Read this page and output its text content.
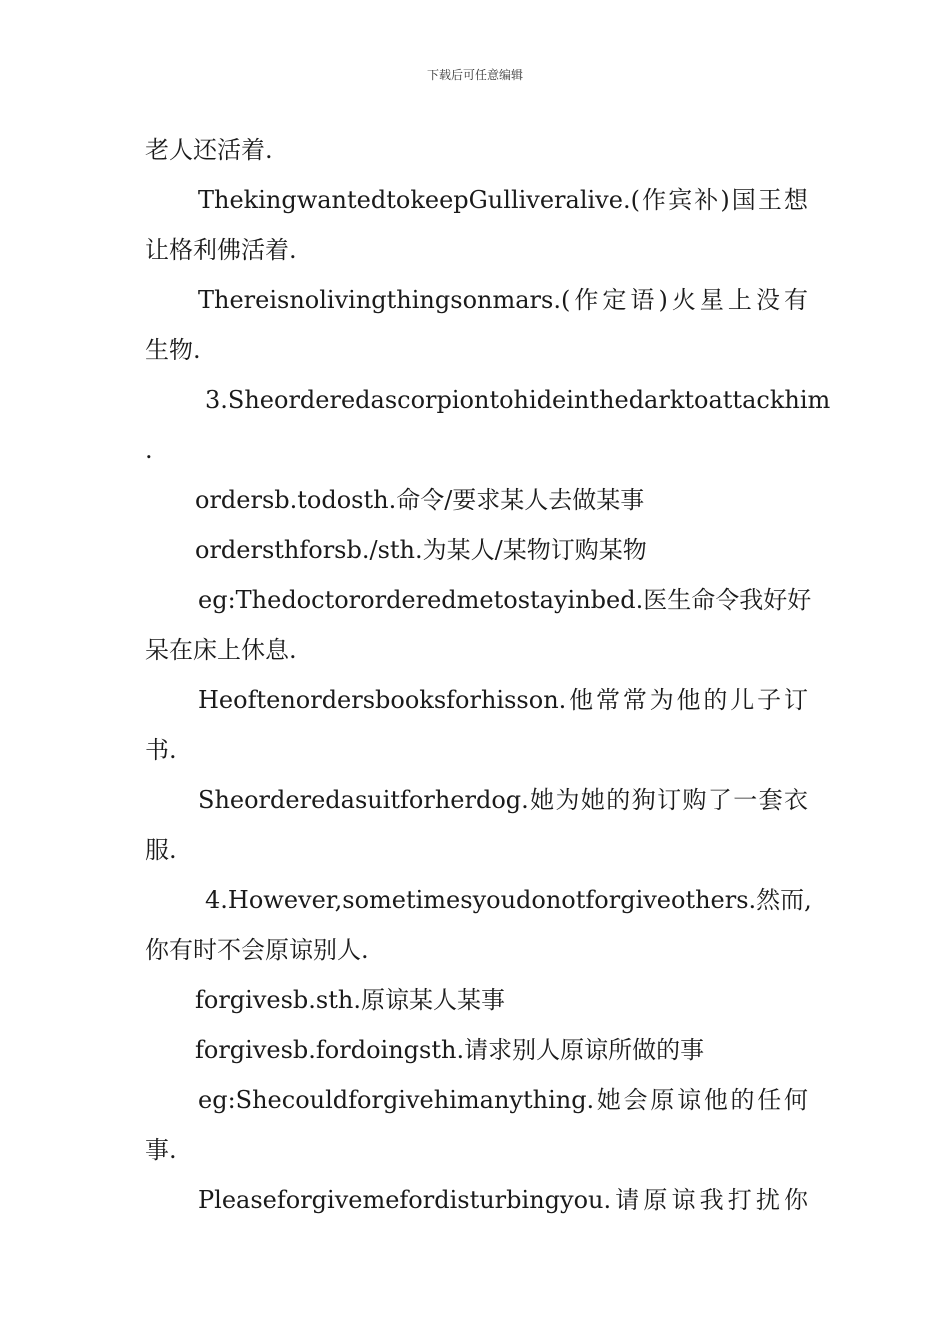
下载后可任意编辑
老人还活着.
ThekingwantedtokeepGulliveralive.(作宾补)国王想
让格利佛活着.
Thereisnolivingthingsonmars.(作定语)火星上没有
生物.
3.Sheorderedascorpiontohideinthedarktoattackhim
.
ordersb.todosth.命令/要求某人去做某事
ordersthforsb./sth.为某人/某物订购某物
eg:Thedoctororderedmetostayinbed.医生命令我好好
呆在床上休息.
Heoftenordersbooksforhisson.他常常为他的儿子订
书.
Sheorderedasuitforherdog.她为她的狗订购了一套衣
服.
4.However,sometimesyoudonotforgiveothers.然而,
你有时不会原谅别人.
forgivesb.sth.原谅某人某事
forgivesb.fordoingsth.请求别人原谅所做的事
eg:Shecouldforgivehimanything.她会原谅他的任何
事.
Pleaseforgivemefordisturbingyou.请原谅我打扰你
